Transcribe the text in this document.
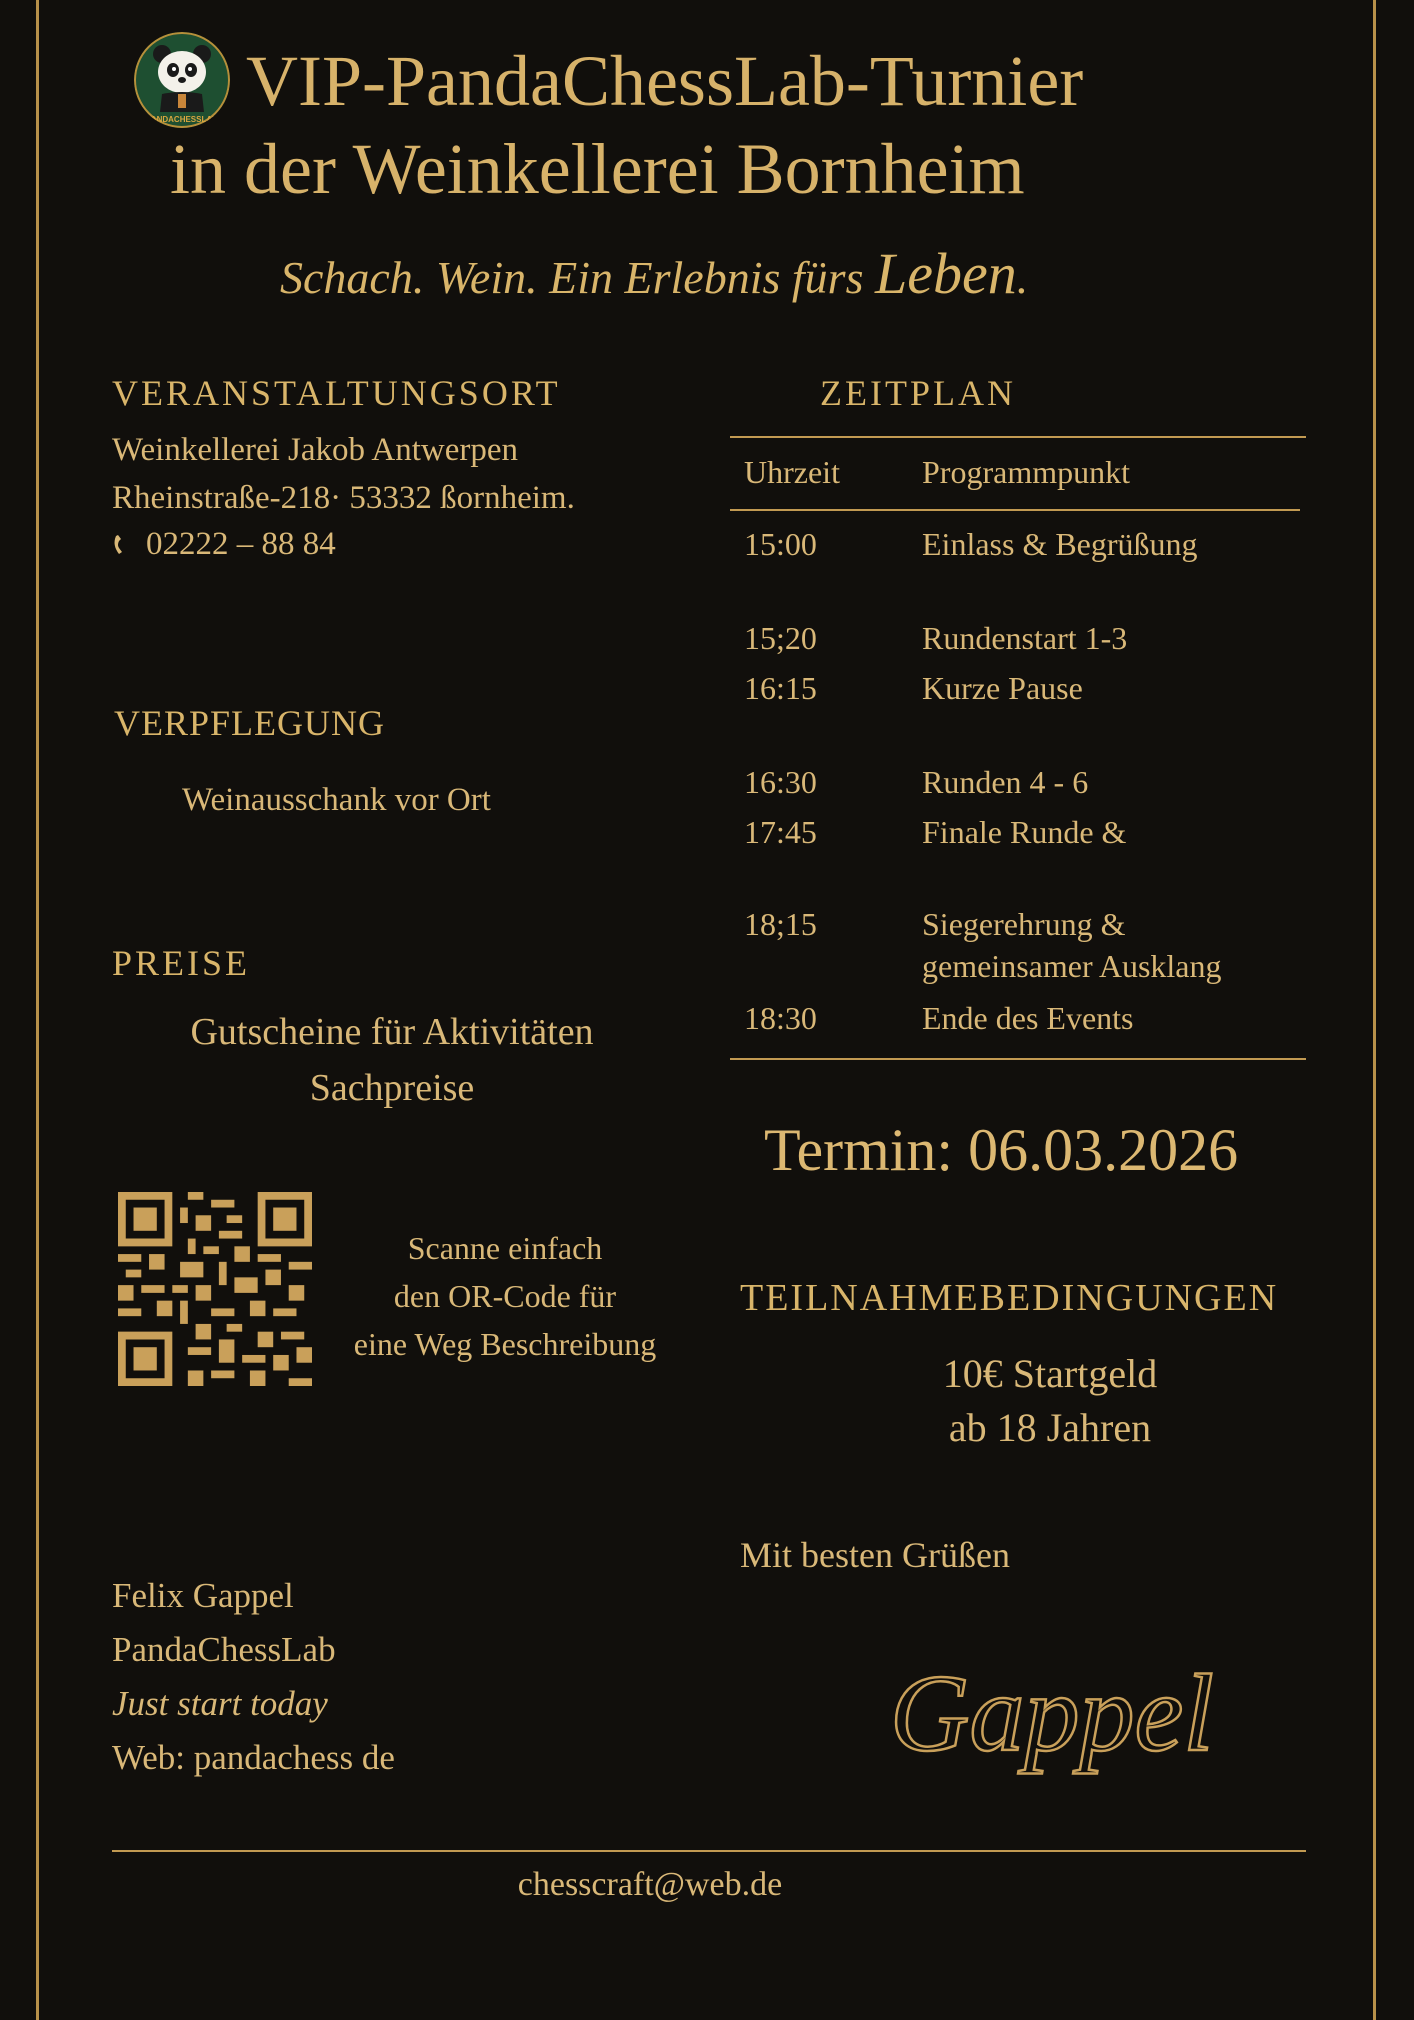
PANDACHESSLAB VIP-PandaChessLab-Turnier
in der Weinkellerei Bornheim
Schach. Wein. Ein Erlebnis fürs Leben.
VERANSTALTUNGSORT
Weinkellerei Jakob Antwerpen
Rheinstraße-218· 53332 ßornheim.
02222 – 88 84
VERPFLEGUNG
Weinausschank vor Ort
PREISE
Gutscheine für Aktivitäten
Sachpreise
Scanne einfach
den OR-Code für
eine Weg Beschreibung
ZEITPLAN
Uhrzeit	Programmpunkt
15:00	Einlass & Begrüßung
15;20	Rundenstart 1-3
16:15	Kurze Pause
16:30	Runden 4 - 6
17:45	Finale Runde &
18;15	Siegerehrung &
gemeinsamer Ausklang
18:30	Ende des Events
Termin: 06.03.2026
TEILNAHMEBEDINGUNGEN
10€ Startgeld
ab 18 Jahren
Mit besten Grüßen
Gappel
Felix Gappel
PandaChessLab
Just start today
Web: pandachess de
chesscraft@web.de
